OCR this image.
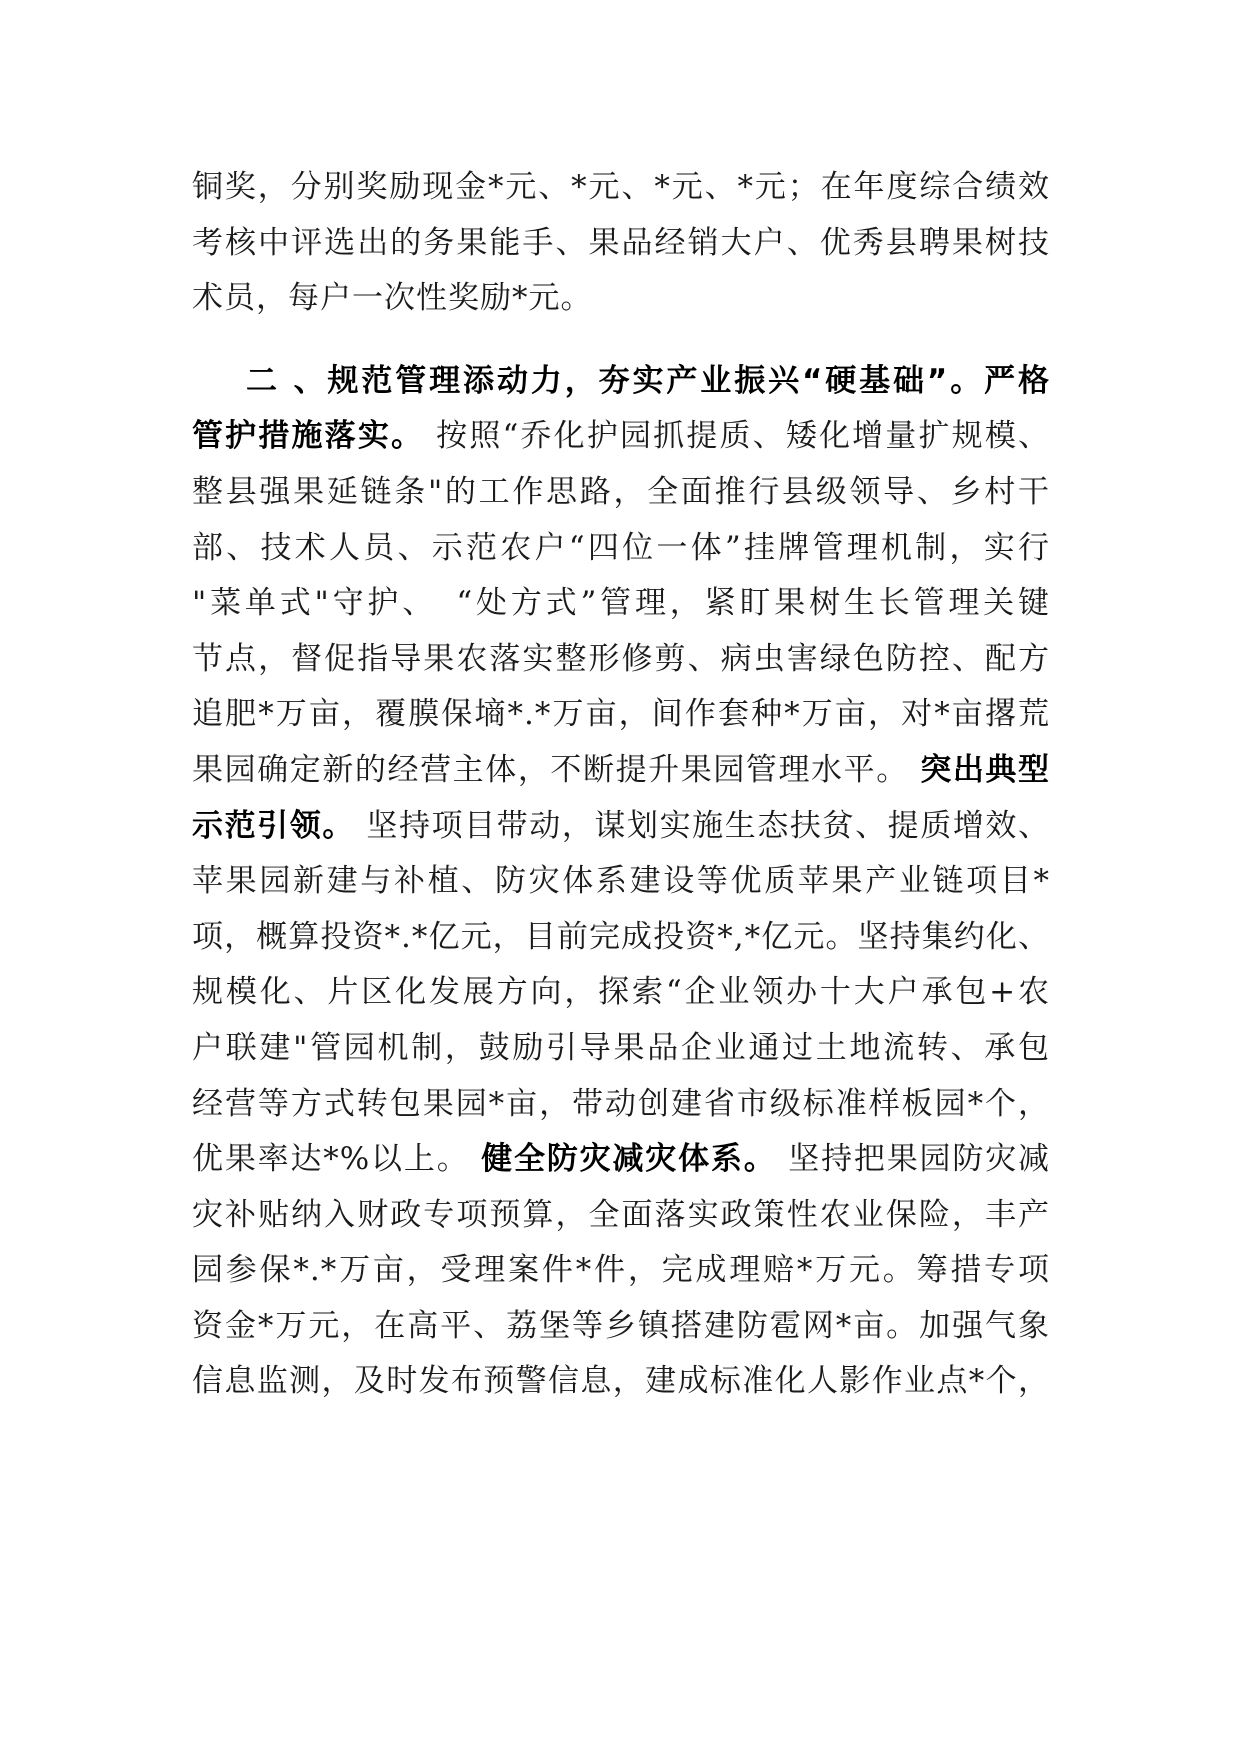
铜奖，分别奖励现金*元、*元、*元、*元；在年度综合绩效
考核中评选出的务果能手、果品经销大户、优秀县聘果树技
术员，每户一次性奖励*元。
二 、规范管理添动力，夯实产业振兴“硬基础”。严格
管护措施落实。 按照“乔化护园抓提质、矮化增量扩规模、
整县强果延链条"的工作思路，全面推行县级领导、乡村干
部、技术人员、示范农户“四位一体”挂牌管理机制，实行
"菜单式"守护、　“处方式”管理，紧盯果树生长管理关键
节点，督促指导果农落实整形修剪、病虫害绿色防控、配方
追肥*万亩，覆膜保墒*.*万亩，间作套种*万亩，对*亩撂荒
果园确定新的经营主体，不断提升果园管理水平。 突出典型
示范引领。 坚持项目带动，谋划实施生态扶贫、提质增效、
苹果园新建与补植、防灾体系建设等优质苹果产业链项目*
项，概算投资*.*亿元，目前完成投资*,*亿元。坚持集约化、
规模化、片区化发展方向，探索“企业领办十大户承包+农
户联建"管园机制，鼓励引导果品企业通过土地流转、承包
经营等方式转包果园*亩，带动创建省市级标准样板园*个，
优果率达*%以上。 健全防灾减灾体系。 坚持把果园防灾减
灾补贴纳入财政专项预算，全面落实政策性农业保险，丰产
园参保*.*万亩，受理案件*件，完成理赔*万元。筹措专项
资金*万元，在高平、荔堡等乡镇搭建防雹网*亩。加强气象
信息监测，及时发布预警信息，建成标准化人影作业点*个，
